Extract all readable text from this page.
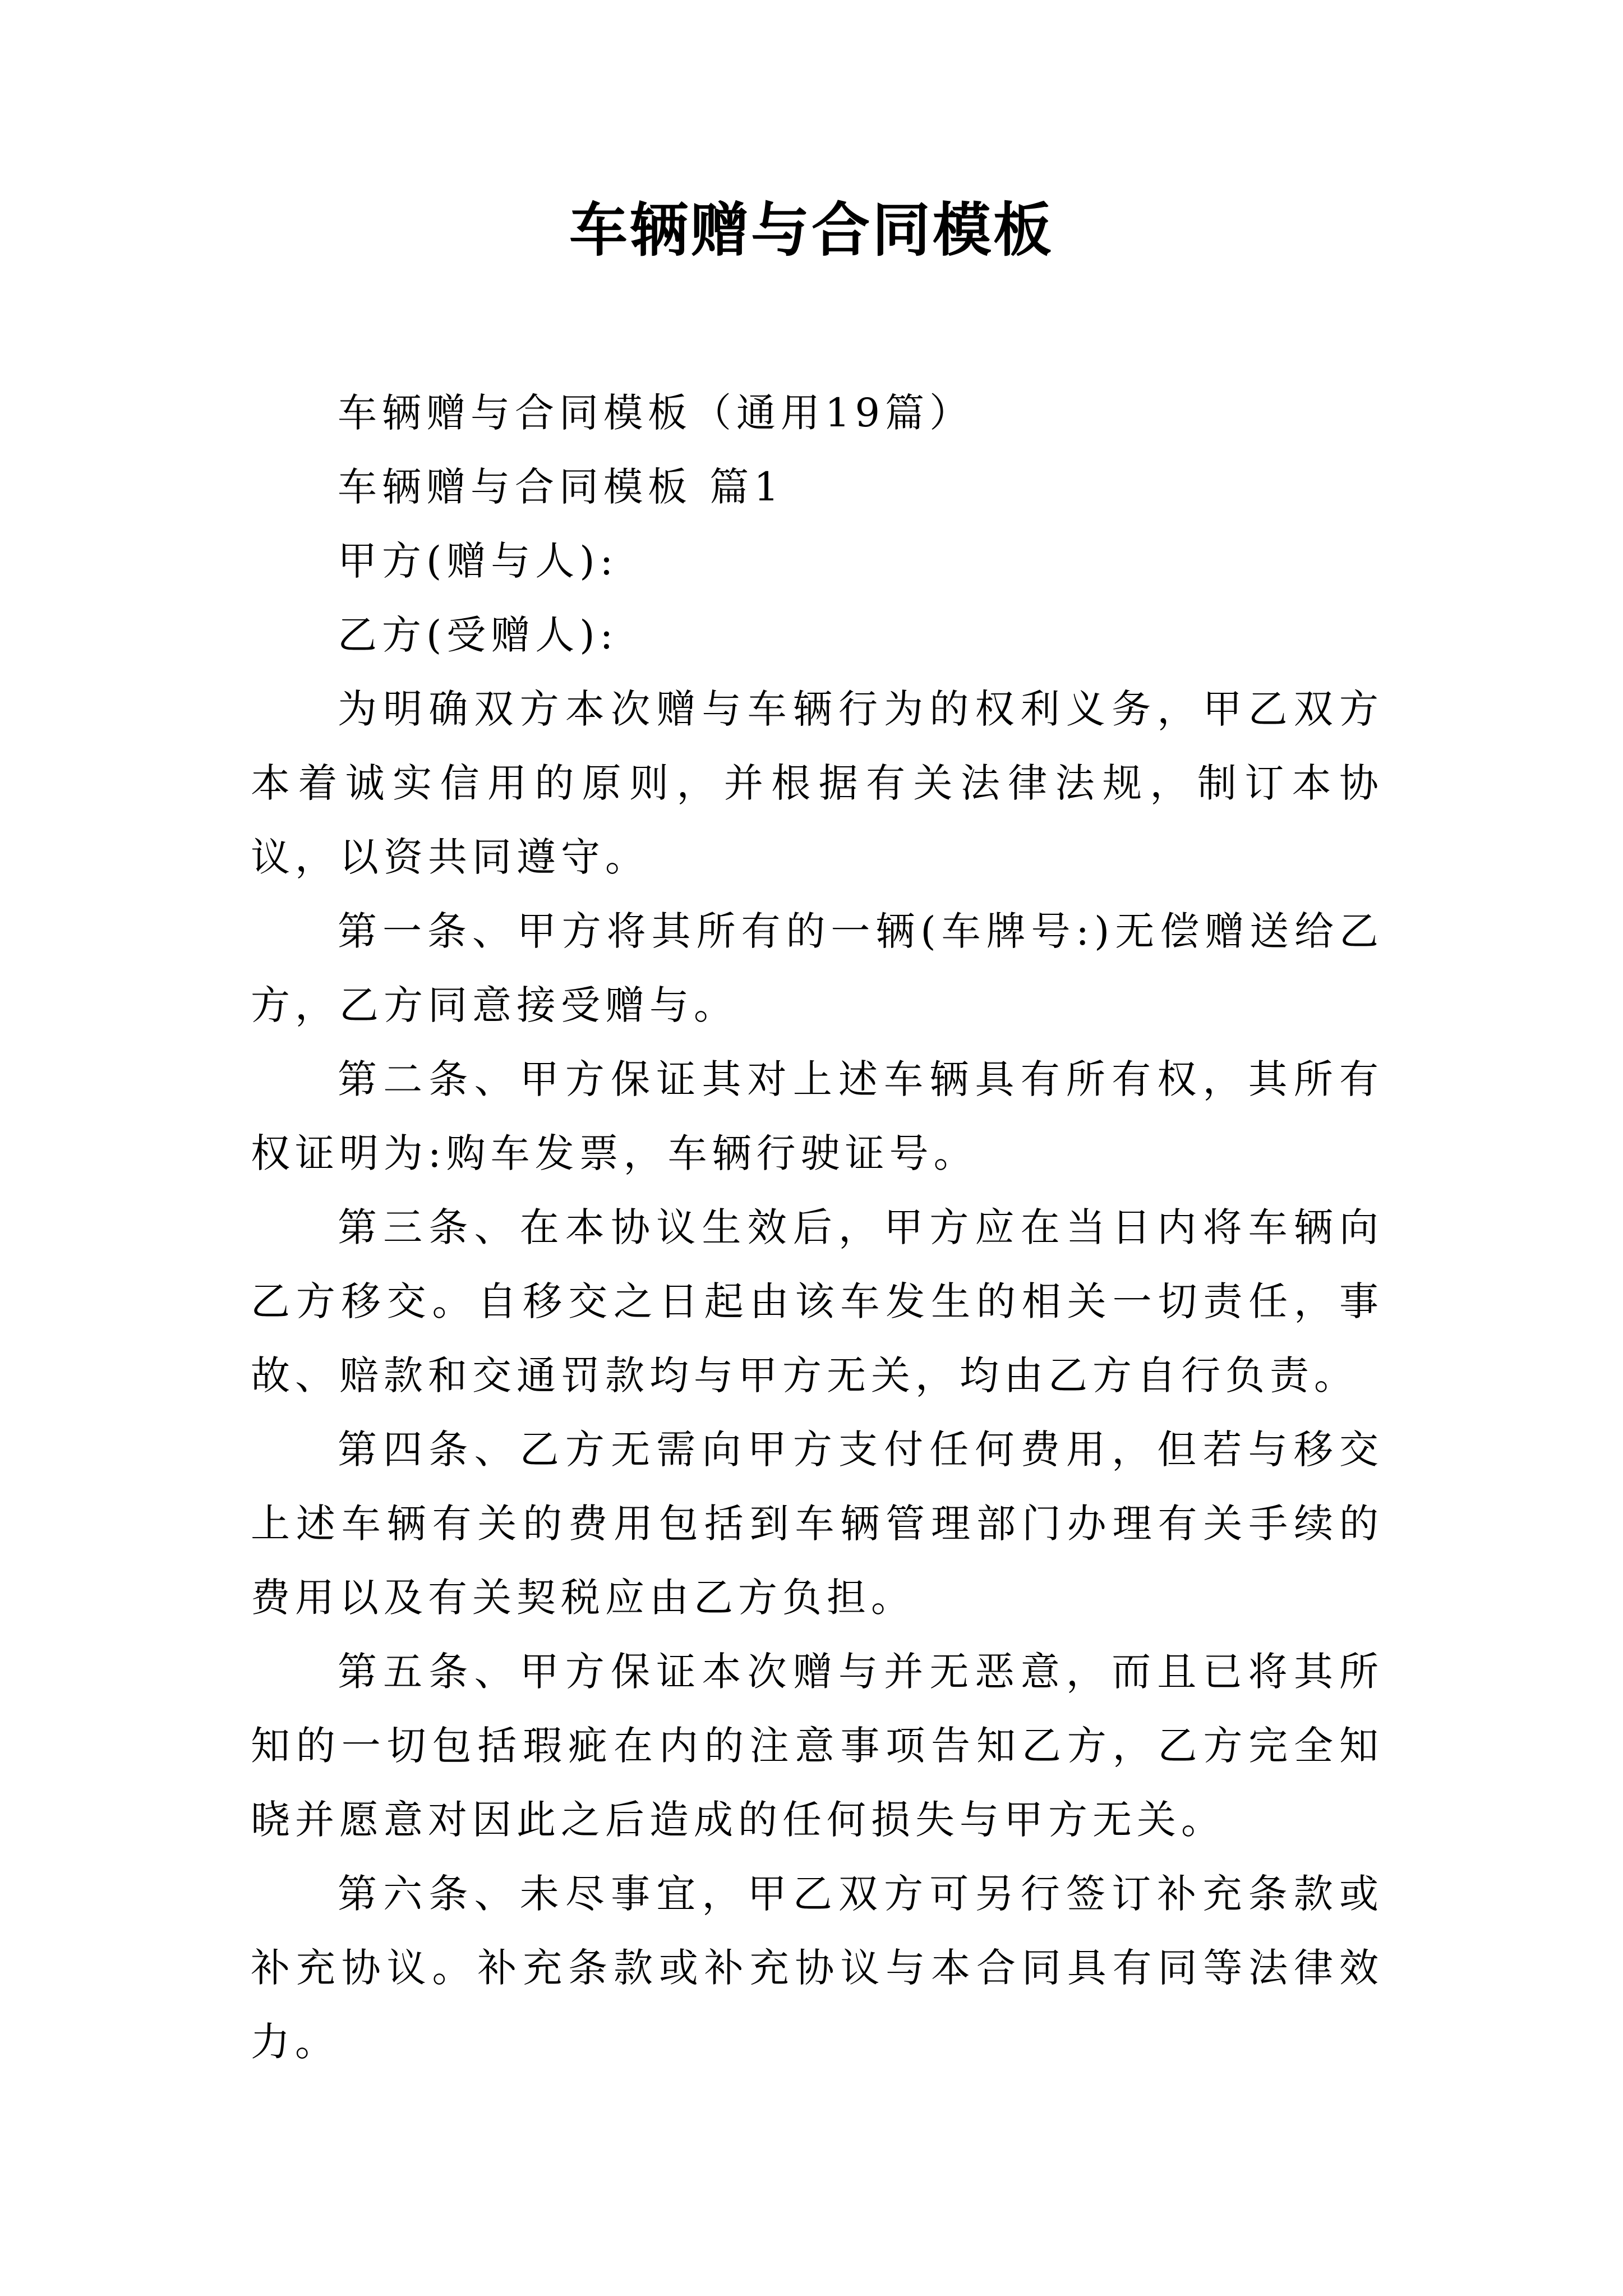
车辆赠与合同模板

车辆赠与合同模板（通用19篇）

车辆赠与合同模板 篇1

甲方(赠与人):

乙方(受赠人):

为明确双方本次赠与车辆行为的权利义务，甲乙双方本着诚实信用的原则，并根据有关法律法规，制订本协议，以资共同遵守。

第一条、甲方将其所有的一辆(车牌号:)无偿赠送给乙方，乙方同意接受赠与。

第二条、甲方保证其对上述车辆具有所有权，其所有权证明为:购车发票，车辆行驶证号。

第三条、在本协议生效后，甲方应在当日内将车辆向乙方移交。自移交之日起由该车发生的相关一切责任，事故、赔款和交通罚款均与甲方无关，均由乙方自行负责。

第四条、乙方无需向甲方支付任何费用，但若与移交上述车辆有关的费用包括到车辆管理部门办理有关手续的费用以及有关契税应由乙方负担。

第五条、甲方保证本次赠与并无恶意，而且已将其所知的一切包括瑕疵在内的注意事项告知乙方，乙方完全知晓并愿意对因此之后造成的任何损失与甲方无关。

第六条、未尽事宜，甲乙双方可另行签订补充条款或补充协议。补充条款或补充协议与本合同具有同等法律效力。
